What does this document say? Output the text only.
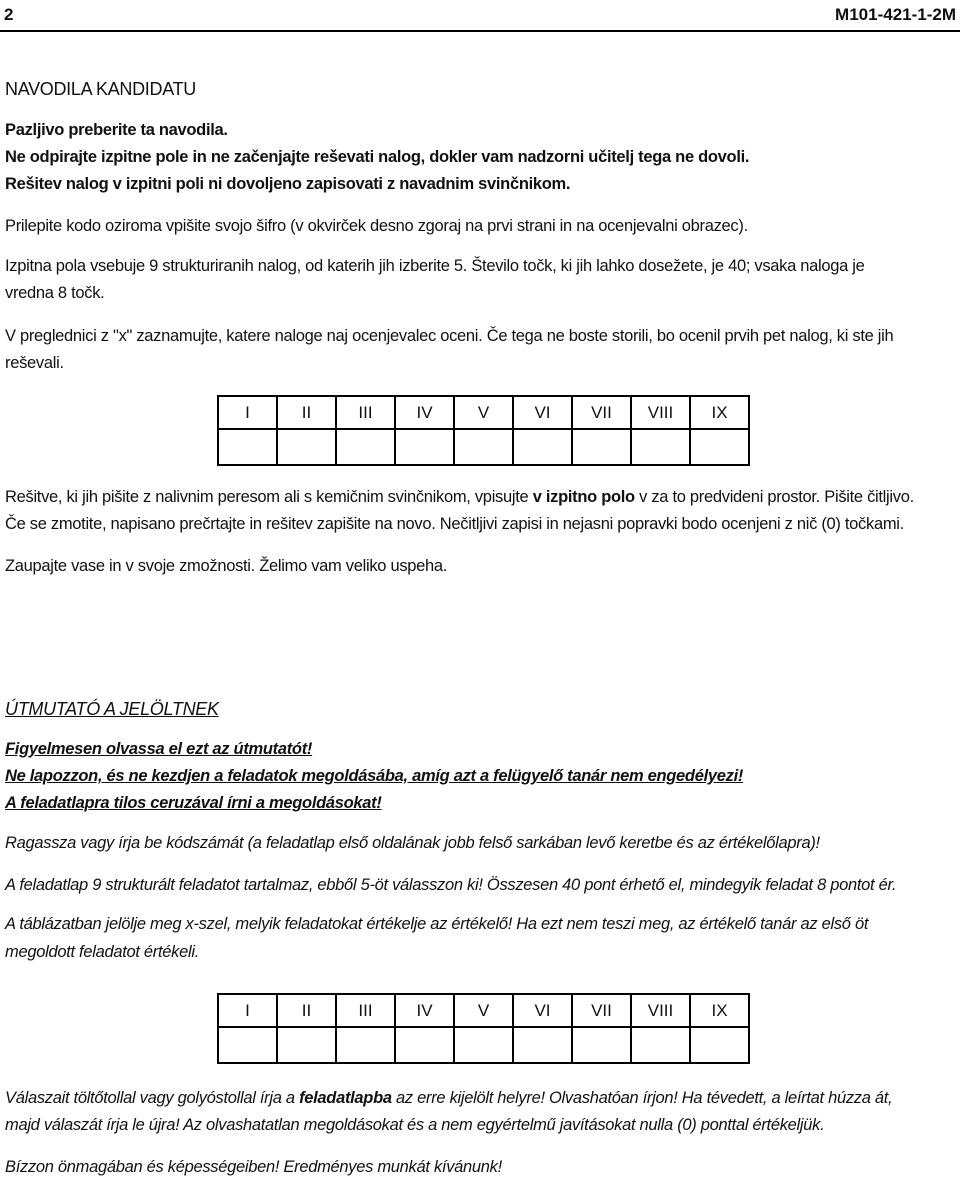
2	M101-421-1-2M
NAVODILA KANDIDATU
Pazljivo preberite ta navodila.
Ne odpirajte izpitne pole in ne začenjajte reševati nalog, dokler vam nadzorni učitelj tega ne dovoli.
Rešitev nalog v izpitni poli ni dovoljeno zapisovati z navadnim svinčnikom.
Prilepite kodo oziroma vpišite svojo šifro (v okvirček desno zgoraj na prvi strani in na ocenjevalni obrazec).
Izpitna pola vsebuje 9 strukturiranih nalog, od katerih jih izberite 5. Število točk, ki jih lahko dosežete, je 40; vsaka naloga je
vredna 8 točk.
V preglednici z "x" zaznamujte, katere naloge naj ocenjevalec oceni. Če tega ne boste storili, bo ocenil prvih pet nalog, ki ste jih
reševali.
I	II	III	IV	V	VI	VII	VIII	IX

Rešitve, ki jih pišite z nalivnim peresom ali s kemičnim svinčnikom, vpisujte v izpitno polo v za to predvideni prostor. Pišite čitljivo.
Če se zmotite, napisano prečrtajte in rešitev zapišite na novo. Nečitljivi zapisi in nejasni popravki bodo ocenjeni z nič (0) točkami.
Zaupajte vase in v svoje zmožnosti. Želimo vam veliko uspeha.
ÚTMUTATÓ A JELÖLTNEK
Figyelmesen olvassa el ezt az útmutatót!
Ne lapozzon, és ne kezdjen a feladatok megoldásába, amíg azt a felügyelő tanár nem engedélyezi!
A feladatlapra tilos ceruzával írni a megoldásokat!
Ragassza vagy írja be kódszámát (a feladatlap első oldalának jobb felső sarkában levő keretbe és az értékelőlapra)!
A feladatlap 9 strukturált feladatot tartalmaz, ebből 5-öt válasszon ki! Összesen 40 pont érhető el, mindegyik feladat 8 pontot ér.
A táblázatban jelölje meg x-szel, melyik feladatokat értékelje az értékelő! Ha ezt nem teszi meg, az értékelő tanár az első öt
megoldott feladatot értékeli.
I	II	III	IV	V	VI	VII	VIII	IX

Válaszait töltőtollal vagy golyóstollal írja a feladatlapba az erre kijelölt helyre! Olvashatóan írjon! Ha tévedett, a leírtat húzza át,
majd válaszát írja le újra! Az olvashatatlan megoldásokat és a nem egyértelmű javításokat nulla (0) ponttal értékeljük.
Bízzon önmagában és képességeiben! Eredményes munkát kívánunk!
